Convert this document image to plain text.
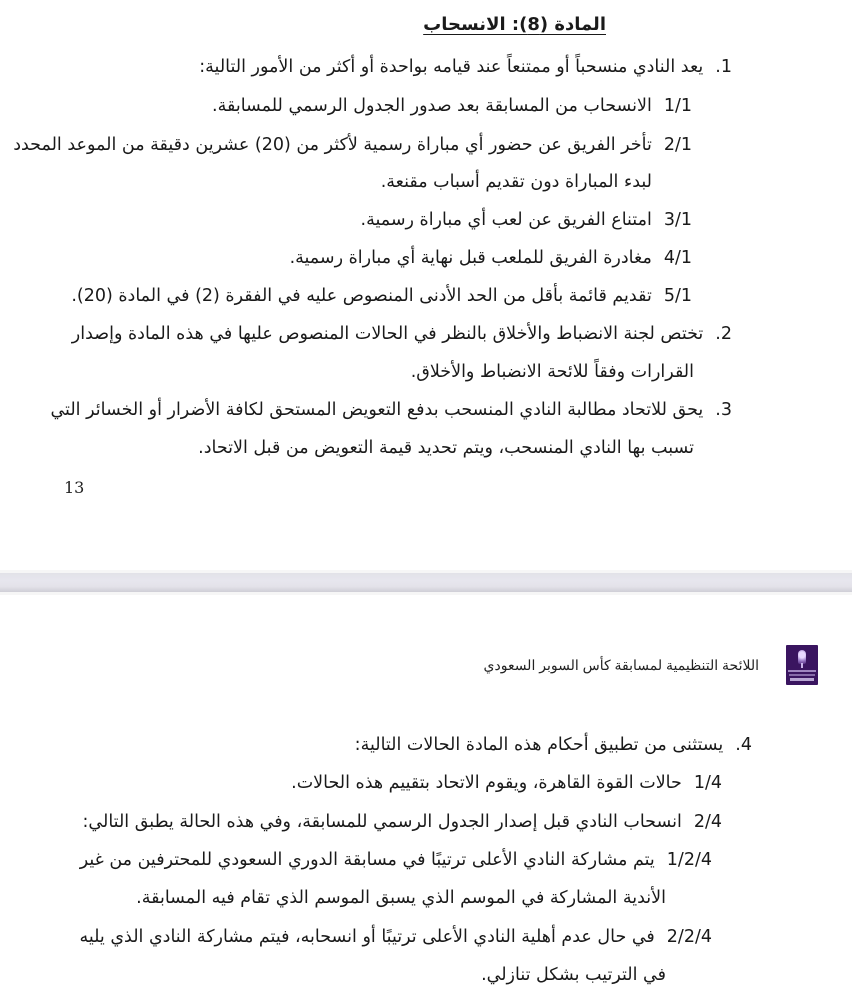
المادة (8): الانسحاب
1.يعد النادي منسحباً أو ممتنعاً عند قيامه بواحدة أو أكثر من الأمور التالية:
1/1الانسحاب من المسابقة بعد صدور الجدول الرسمي للمسابقة.
2/1تأخر الفريق عن حضور أي مباراة رسمية لأكثر من (20) عشرين دقيقة من الموعد المحدد
لبدء المباراة دون تقديم أسباب مقنعة.
3/1امتناع الفريق عن لعب أي مباراة رسمية.
4/1مغادرة الفريق للملعب قبل نهاية أي مباراة رسمية.
5/1تقديم قائمة بأقل من الحد الأدنى المنصوص عليه في الفقرة (2) في المادة (20).
2.تختص لجنة الانضباط والأخلاق بالنظر في الحالات المنصوص عليها في هذه المادة وإصدار
القرارات وفقاً للائحة الانضباط والأخلاق.
3.يحق للاتحاد مطالبة النادي المنسحب بدفع التعويض المستحق لكافة الأضرار أو الخسائر التي
تسبب بها النادي المنسحب، ويتم تحديد قيمة التعويض من قبل الاتحاد.
13
اللائحة التنظيمية لمسابقة كأس السوبر السعودي
4.يستثنى من تطبيق أحكام هذه المادة الحالات التالية:
1/4حالات القوة القاهرة، ويقوم الاتحاد بتقييم هذه الحالات.
2/4انسحاب النادي قبل إصدار الجدول الرسمي للمسابقة، وفي هذه الحالة يطبق التالي:
1/2/4يتم مشاركة النادي الأعلى ترتيبًا في مسابقة الدوري السعودي للمحترفين من غير
الأندية المشاركة في الموسم الذي يسبق الموسم الذي تقام فيه المسابقة.
2/2/4في حال عدم أهلية النادي الأعلى ترتيبًا أو انسحابه، فيتم مشاركة النادي الذي يليه
في الترتيب بشكل تنازلي.
